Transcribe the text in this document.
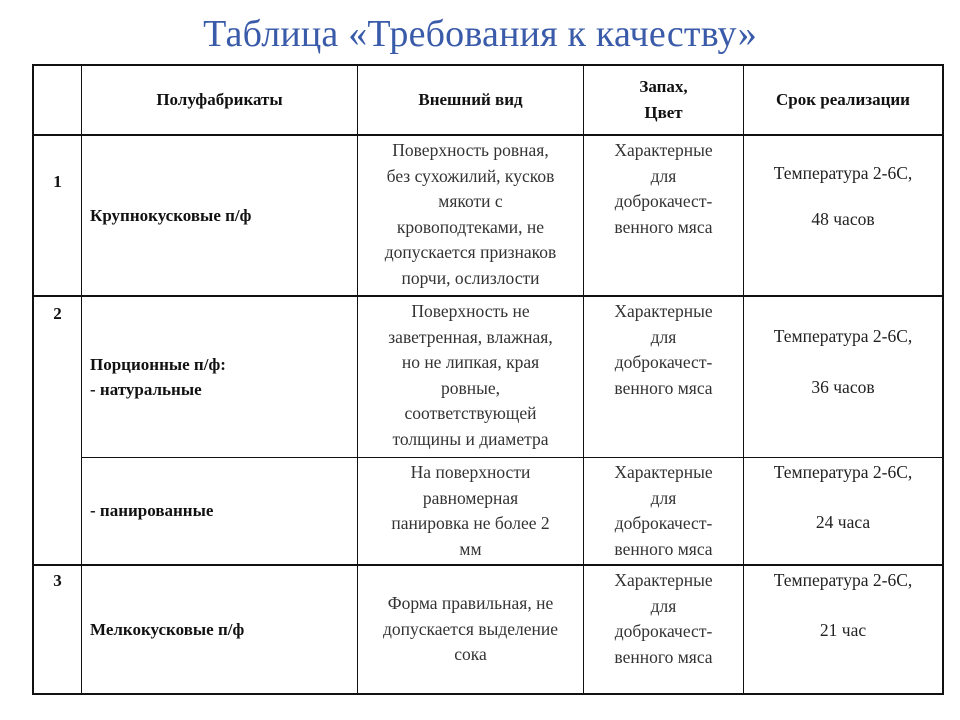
Таблица «Требования к качеству»
Полуфабрикаты	Внешний вид
Запах,
Цвет
Срок реализации
1
Крупнокусковые п/ф
Поверхность ровная,
без сухожилий, кусков
мякоти с
кровоподтеками, не
допускается признаков
порчи, ослизлости
Характерные
для
доброкачест-
венного мяса
Температура 2-6С,
48 часов
2
Порционные п/ф:
- натуральные
Поверхность не
заветренная, влажная,
но не липкая, края
ровные,
соответствующей
толщины и диаметра
Характерные
для
доброкачест-
венного мяса
Температура 2-6С,
36 часов
- панированные
На поверхности
равномерная
панировка не более 2
мм
Характерные
для
доброкачест-
венного мяса
Температура 2-6С,
24 часа
3
Мелкокусковые п/ф
Форма правильная, не
допускается выделение
сока
Характерные
для
доброкачест-
венного мяса
Температура 2-6С,
21 час
